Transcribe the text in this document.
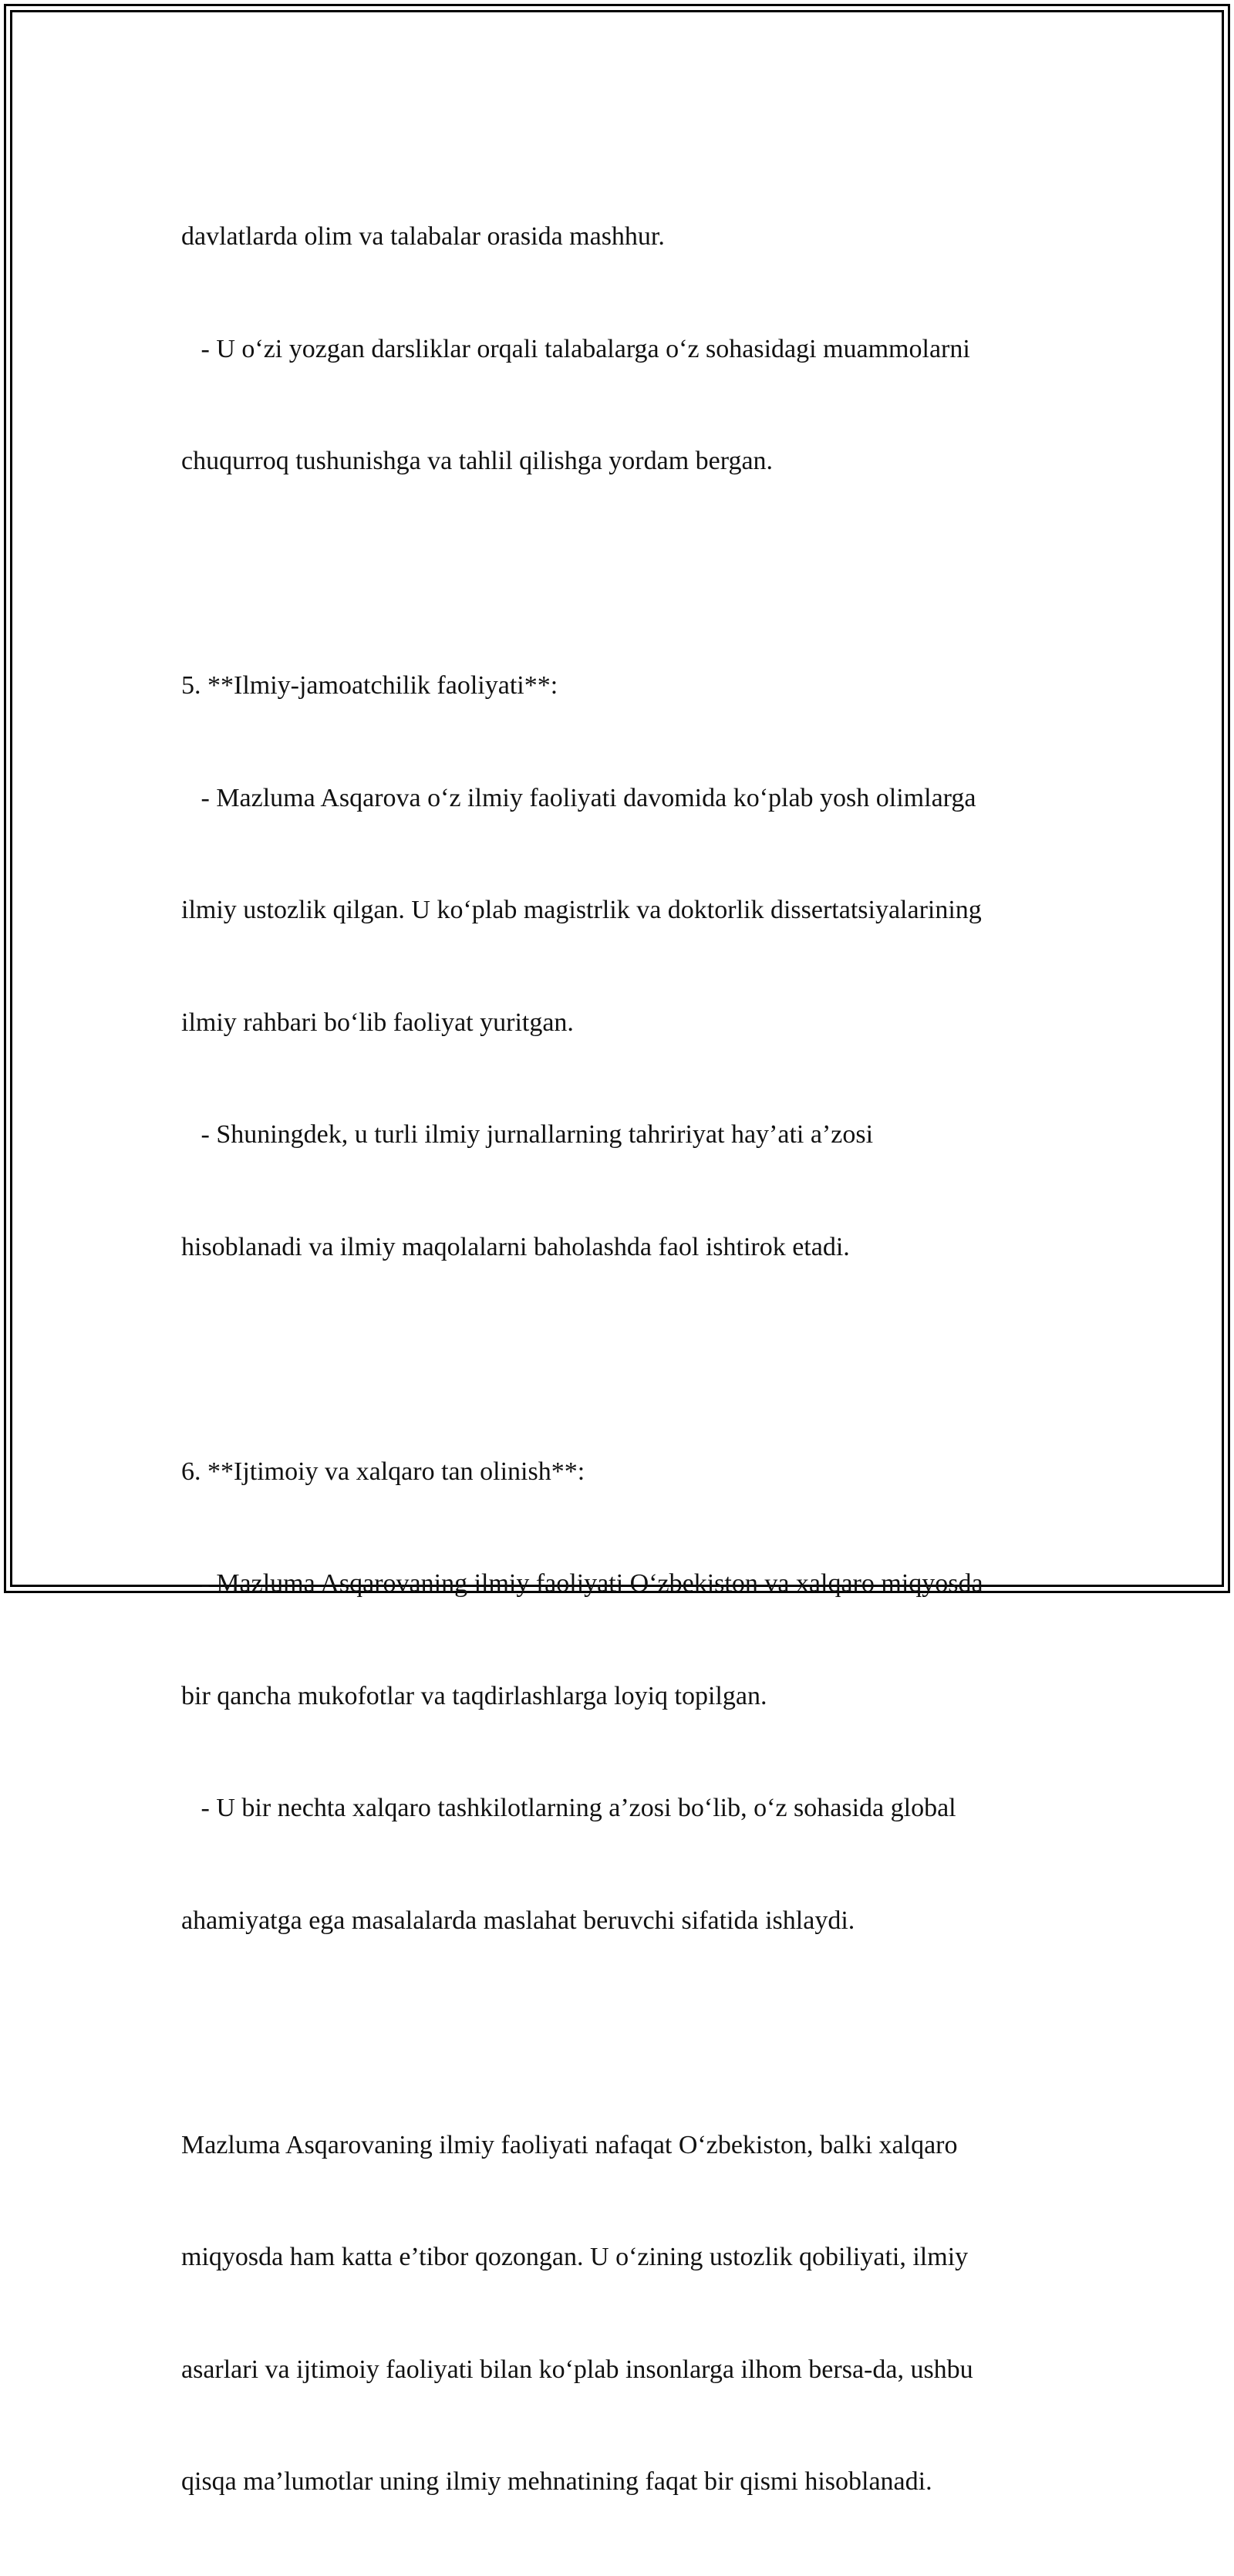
davlatlarda olim va talabalar orasida mashhur.

- U o‘zi yozgan darsliklar orqali talabalarga o‘z sohasidagi muammolarni

chuqurroq tushunishga va tahlil qilishga yordam bergan.

5. **Ilmiy-jamoatchilik faoliyati**:

- Mazluma Asqarova o‘z ilmiy faoliyati davomida ko‘plab yosh olimlarga

ilmiy ustozlik qilgan. U ko‘plab magistrlik va doktorlik dissertatsiyalarining

ilmiy rahbari bo‘lib faoliyat yuritgan.

- Shuningdek, u turli ilmiy jurnallarning tahririyat hay’ati a’zosi

hisoblanadi va ilmiy maqolalarni baholashda faol ishtirok etadi.

6. **Ijtimoiy va xalqaro tan olinish**:

- Mazluma Asqarovaning ilmiy faoliyati O‘zbekiston va xalqaro miqyosda

bir qancha mukofotlar va taqdirlashlarga loyiq topilgan.

- U bir nechta xalqaro tashkilotlarning a’zosi bo‘lib, o‘z sohasida global

ahamiyatga ega masalalarda maslahat beruvchi sifatida ishlaydi.

Mazluma Asqarovaning ilmiy faoliyati nafaqat O‘zbekiston, balki xalqaro

miqyosda ham katta e’tibor qozongan. U o‘zining ustozlik qobiliyati, ilmiy

asarlari va ijtimoiy faoliyati bilan ko‘plab insonlarga ilhom bersa-da, ushbu

qisqa ma’lumotlar uning ilmiy mehnatining faqat bir qismi hisoblanadi.
